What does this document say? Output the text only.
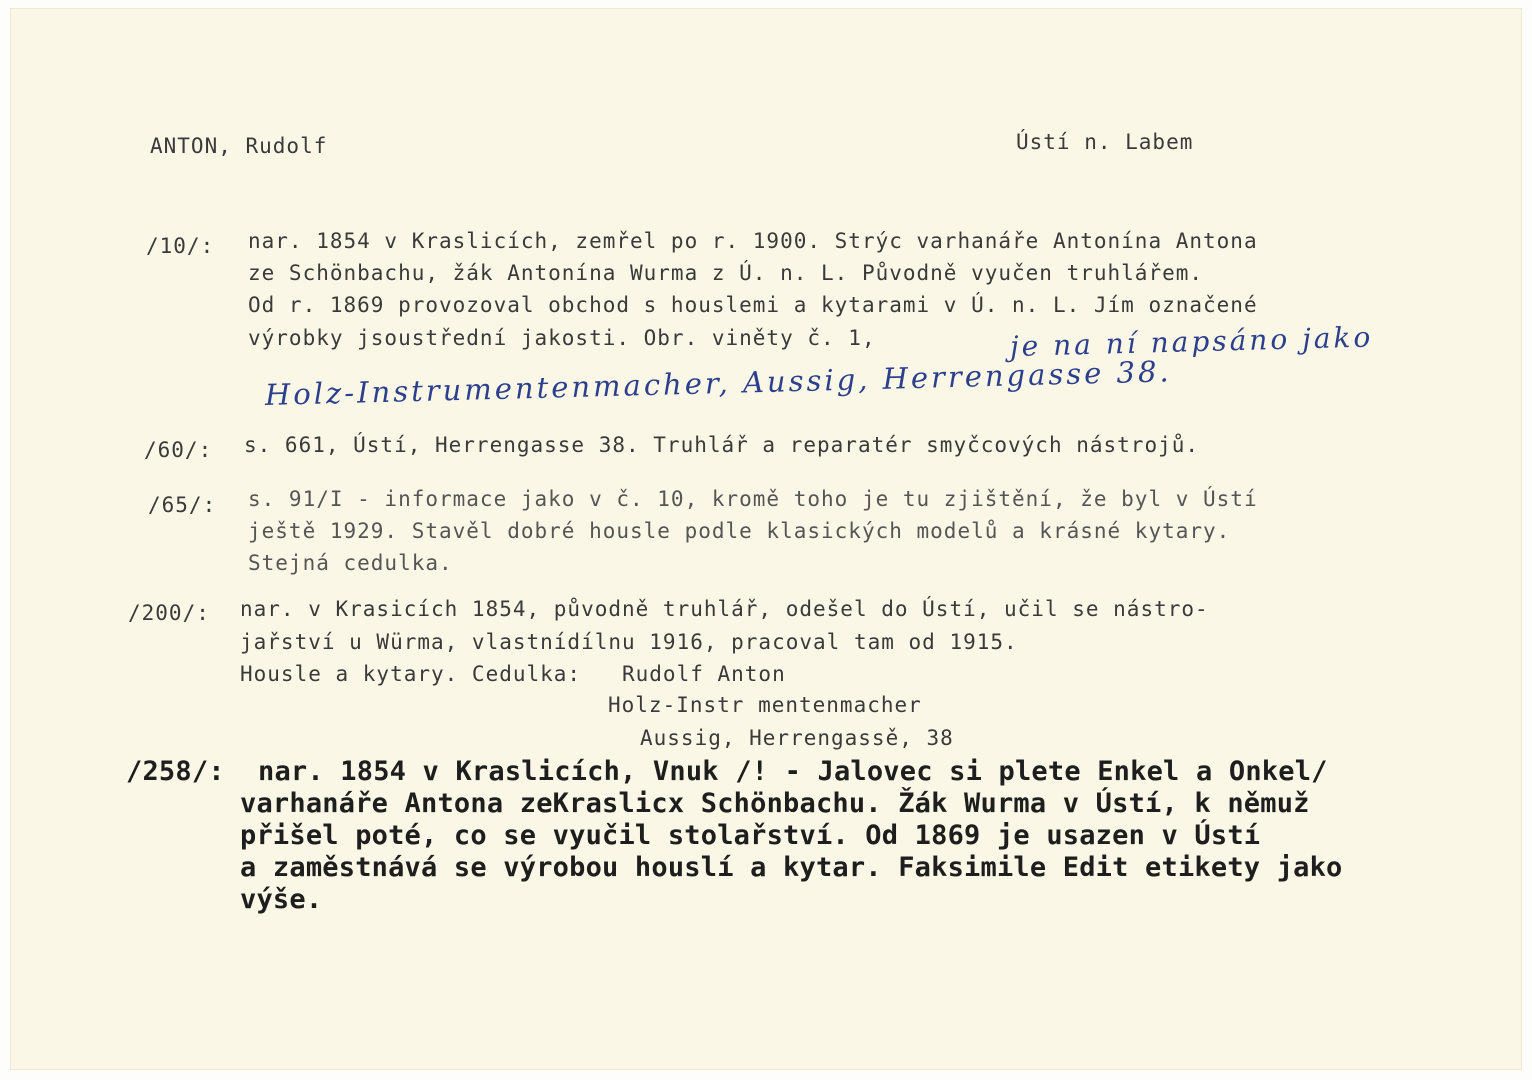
ANTON, Rudolf	Ústí n. Labem
/10/: nar. 1854 v Kraslicích, zemřel po r. 1900. Strýc varhanáře Antonína Antona
ze Schönbachu, žák Antonína Wurma z Ú. n. L. Původně vyučen truhlářem.
Od r. 1869 provozoval obchod s houslemi a kytarami v Ú. n. L. Jím označené
výrobky jsoustřední jakosti. Obr. viněty č. 1,	je na ní napsáno jako
Holz-Instrumentenmacher, Aussig, Herrengasse 38.
/60/: s. 661, Ústí, Herrengasse 38. Truhlář a reparatér smyčcových nástrojů.
/65/: s. 91/I - informace jako v č. 10, kromě toho je tu zjištění, že byl v Ústí
ještě 1929. Stavěl dobré housle podle klasických modelů a krásné kytary.
Stejná cedulka.
/200/: nar. v Krasicích 1854, původně truhlář, odešel do Ústí, učil se nástro-
jařství u Würma, vlastnídílnu 1916, pracoval tam od 1915.
Housle a kytary. Cedulka:   Rudolf Anton
Holz-Instr mentenmacher
Aussig, Herrengassě, 38
/258/: nar. 1854 v Kraslicích, Vnuk /! - Jalovec si plete Enkel a Onkel/
varhanáře Antona zeKraslicx Schönbachu. Žák Wurma v Ústí, k němuž
přišel poté, co se vyučil stolařství. Od 1869 je usazen v Ústí
a zaměstnává se výrobou houslí a kytar. Faksimile Edit etikety jako
výše.
